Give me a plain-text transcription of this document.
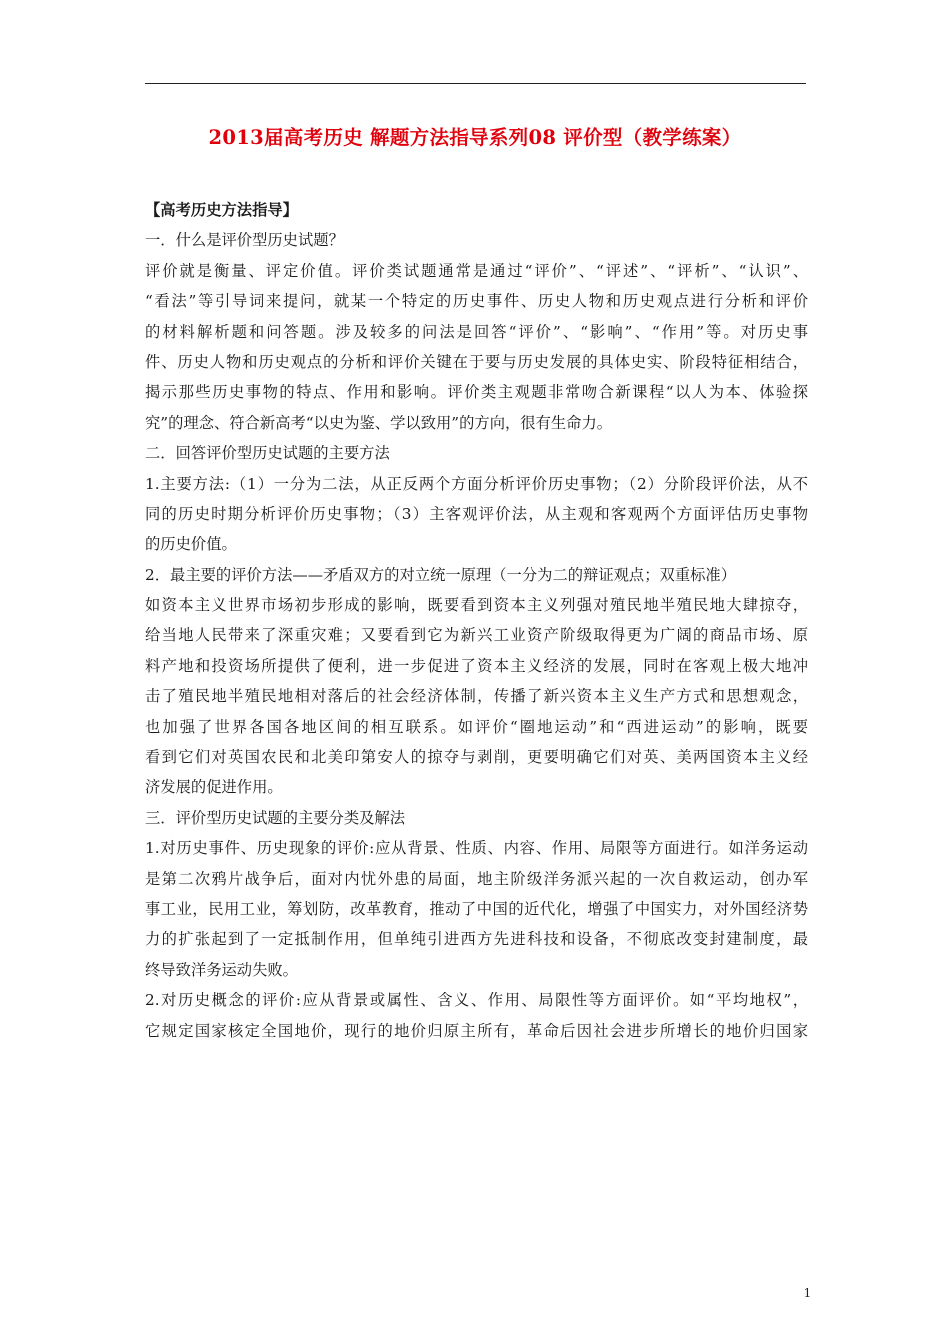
2013届高考历史 解题方法指导系列08 评价型（教学练案）
【高考历史方法指导】
一．什么是评价型历史试题？
评价就是衡量、评定价值。评价类试题通常是通过“评价”、“评述”、“评析”、“认识”、
“看法”等引导词来提问，就某一个特定的历史事件、历史人物和历史观点进行分析和评价
的材料解析题和问答题。涉及较多的问法是回答“评价”、“影响”、“作用”等。对历史事
件、历史人物和历史观点的分析和评价关键在于要与历史发展的具体史实、阶段特征相结合，
揭示那些历史事物的特点、作用和影响。评价类主观题非常吻合新课程“以人为本、体验探
究”的理念、符合新高考“以史为鉴、学以致用”的方向，很有生命力。
二．回答评价型历史试题的主要方法
1.主要方法:（1）一分为二法，从正反两个方面分析评价历史事物；（2）分阶段评价法，从不
同的历史时期分析评价历史事物；（3）主客观评价法，从主观和客观两个方面评估历史事物
的历史价值。
2．最主要的评价方法——矛盾双方的对立统一原理（一分为二的辩证观点；双重标准）
如资本主义世界市场初步形成的影响，既要看到资本主义列强对殖民地半殖民地大肆掠夺，
给当地人民带来了深重灾难；又要看到它为新兴工业资产阶级取得更为广阔的商品市场、原
料产地和投资场所提供了便利，进一步促进了资本主义经济的发展，同时在客观上极大地冲
击了殖民地半殖民地相对落后的社会经济体制，传播了新兴资本主义生产方式和思想观念，
也加强了世界各国各地区间的相互联系。如评价“圈地运动”和“西进运动”的影响，既要
看到它们对英国农民和北美印第安人的掠夺与剥削，更要明确它们对英、美两国资本主义经
济发展的促进作用。
三．评价型历史试题的主要分类及解法
1.对历史事件、历史现象的评价:应从背景、性质、内容、作用、局限等方面进行。如洋务运动
是第二次鸦片战争后，面对内忧外患的局面，地主阶级洋务派兴起的一次自救运动，创办军
事工业，民用工业，筹划防，改革教育，推动了中国的近代化，增强了中国实力，对外国经济势
力的扩张起到了一定抵制作用，但单纯引进西方先进科技和设备，不彻底改变封建制度，最
终导致洋务运动失败。
2.对历史概念的评价:应从背景或属性、含义、作用、局限性等方面评价。如“平均地权”，
它规定国家核定全国地价，现行的地价归原主所有，革命后因社会进步所增长的地价归国家
1
